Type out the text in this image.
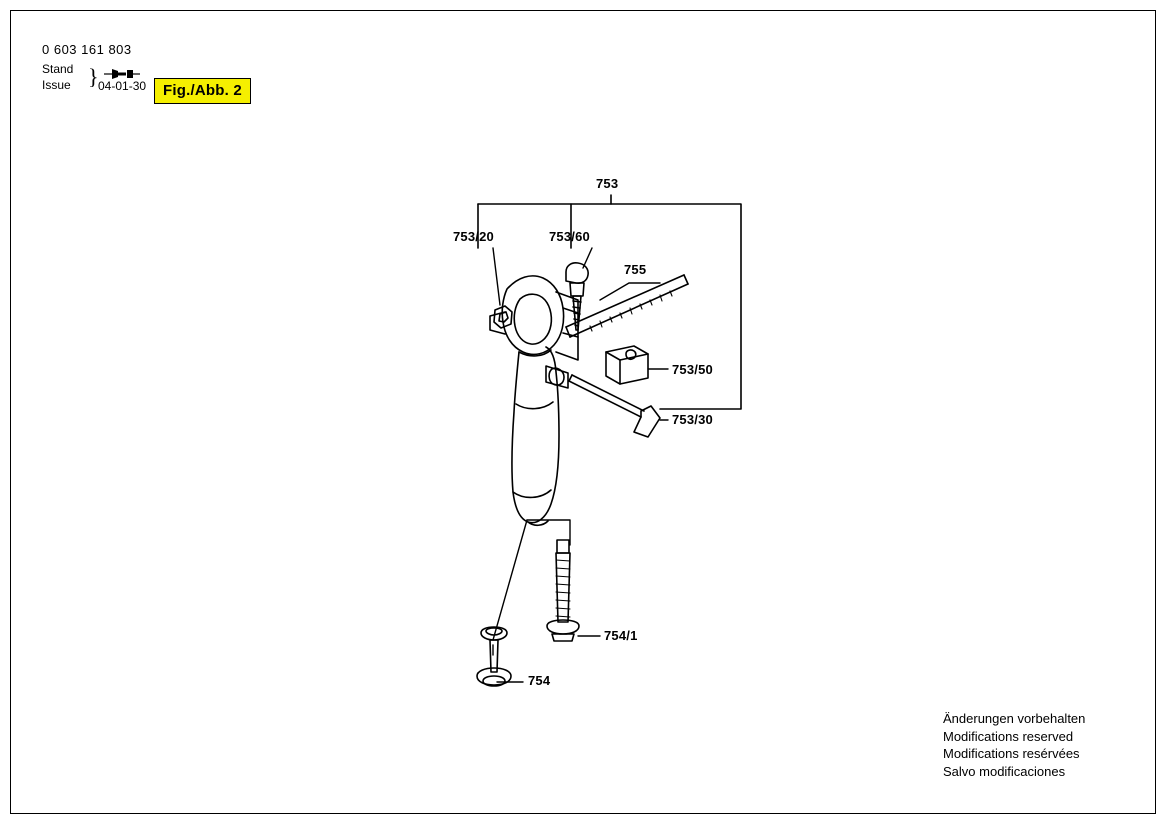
0 603 161 803
Stand
Issue } 04-01-30	Fig./Abb. 2
753
753/20	753/60
755
753/50
753/30
754/1
754
Änderungen vorbehalten
Modifications reserved
Modifications resérvées
Salvo modificaciones
